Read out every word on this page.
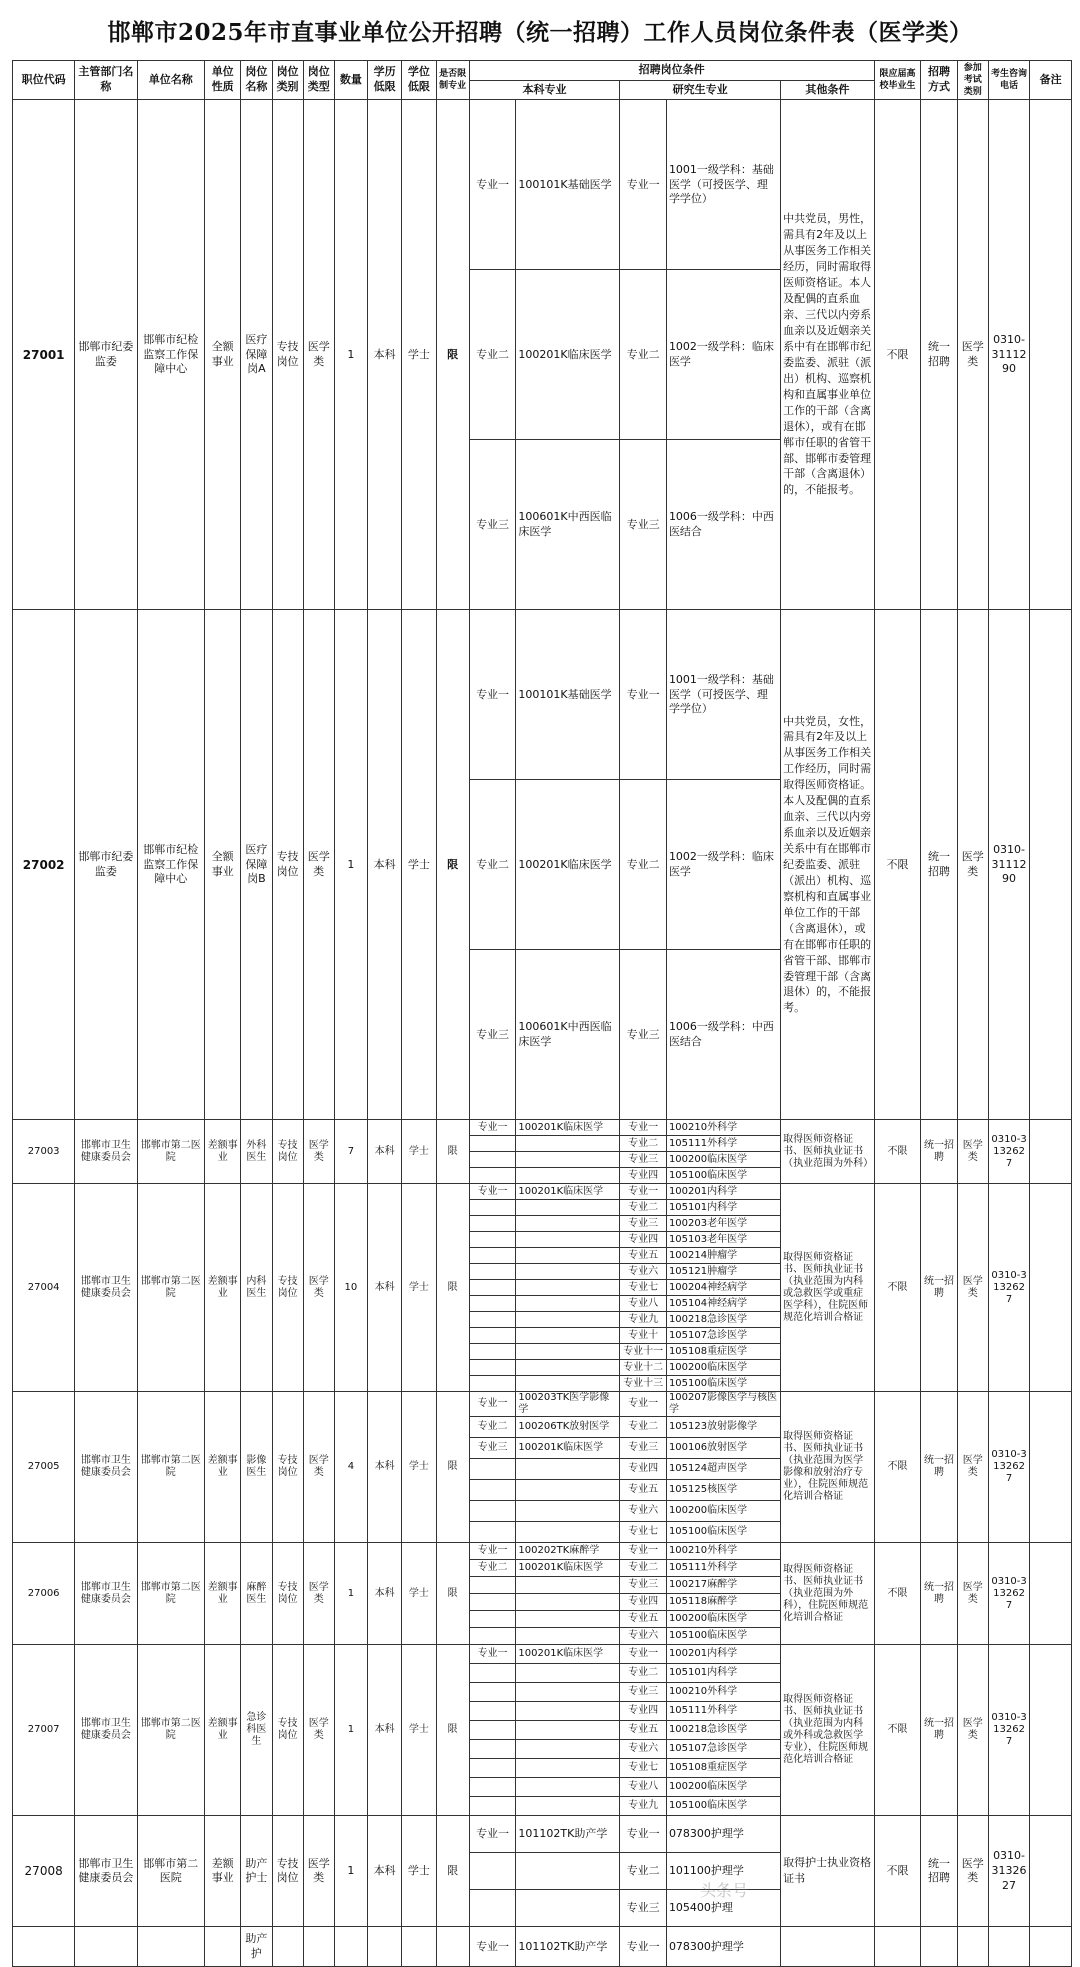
邯郸市2025年市直事业单位公开招聘（统一招聘）工作人员岗位条件表（医学类）
职位代码	主管部门名称	单位名称	单位性质	岗位名称	岗位类别	岗位类型	数量	学历低限	学位低限	是否限制专业	招聘岗位条件					限应届高校毕业生	招聘方式	参加考试类别	考生咨询电话	备注
											本科专业		研究生专业		其他条件					
27001	邯郸市纪委监委	邯郸市纪检监察工作保障中心	全额事业	医疗保障岗A	专技岗位	医学类	1	本科	学士	限	专业一	100101K基础医学	专业一	1001一级学科：基础医学（可授医学、理学学位）	中共党员，男性，需具有2年及以上从事医务工作相关经历，同时需取得医师资格证。本人及配偶的直系血亲、三代以内旁系血亲以及近姻亲关系中有在邯郸市纪委监委、派驻（派出）机构、巡察机构和直属事业单位工作的干部（含离退休），或有在邯郸市任职的省管干部、邯郸市委管理干部（含离退休）的，不能报考。	不限	统一招聘	医学类	0310-3111290	
											专业二	100201K临床医学	专业二	1002一级学科：临床医学						
											专业三	100601K中西医临床医学	专业三	1006一级学科：中西医结合						
27002	邯郸市纪委监委	邯郸市纪检监察工作保障中心	全额事业	医疗保障岗B	专技岗位	医学类	1	本科	学士	限	专业一	100101K基础医学	专业一	1001一级学科：基础医学（可授医学、理学学位）	中共党员，女性，需具有2年及以上从事医务工作相关工作经历，同时需取得医师资格证。本人及配偶的直系血亲、三代以内旁系血亲以及近姻亲关系中有在邯郸市纪委监委、派驻（派出）机构、巡察机构和直属事业单位工作的干部（含离退休），或有在邯郸市任职的省管干部、邯郸市委管理干部（含离退休）的，不能报考。	不限	统一招聘	医学类	0310-3111290	
											专业二	100201K临床医学	专业二	1002一级学科：临床医学						
											专业三	100601K中西医临床医学	专业三	1006一级学科：中西医结合						
27003	邯郸市卫生健康委员会	邯郸市第二医院	差额事业	外科医生	专技岗位	医学类	7	本科	学士	限	专业一	100201K临床医学	专业一	100210外科学	取得医师资格证书、医师执业证书（执业范围为外科）	不限	统一招聘	医学类	0310-3132627	
													专业二	105111外科学						
													专业三	100200临床医学						
													专业四	105100临床医学						
27004	邯郸市卫生健康委员会	邯郸市第二医院	差额事业	内科医生	专技岗位	医学类	10	本科	学士	限	专业一	100201K临床医学	专业一	100201内科学	取得医师资格证书、医师执业证书（执业范围为内科或急救医学或重症医学科），住院医师规范化培训合格证	不限	统一招聘	医学类	0310-3132627	
													专业二	105101内科学						
													专业三	100203老年医学						
													专业四	105103老年医学						
													专业五	100214肿瘤学						
													专业六	105121肿瘤学						
													专业七	100204神经病学						
													专业八	105104神经病学						
													专业九	100218急诊医学						
													专业十	105107急诊医学						
													专业十一	105108重症医学						
													专业十二	100200临床医学						
													专业十三	105100临床医学						
27005	邯郸市卫生健康委员会	邯郸市第二医院	差额事业	影像医生	专技岗位	医学类	4	本科	学士	限	专业一	100203TK医学影像学	专业一	100207影像医学与核医学	取得医师资格证书、医师执业证书（执业范围为医学影像和放射治疗专业），住院医师规范化培训合格证	不限	统一招聘	医学类	0310-3132627	
											专业二	100206TK放射医学	专业二	105123放射影像学						
											专业三	100201K临床医学	专业三	100106放射医学						
													专业四	105124超声医学						
													专业五	105125核医学						
													专业六	100200临床医学						
													专业七	105100临床医学						
27006	邯郸市卫生健康委员会	邯郸市第二医院	差额事业	麻醉医生	专技岗位	医学类	1	本科	学士	限	专业一	100202TK麻醉学	专业一	100210外科学	取得医师资格证书、医师执业证书（执业范围为外科），住院医师规范化培训合格证	不限	统一招聘	医学类	0310-3132627	
											专业二	100201K临床医学	专业二	105111外科学						
													专业三	100217麻醉学						
													专业四	105118麻醉学						
													专业五	100200临床医学						
													专业六	105100临床医学						
27007	邯郸市卫生健康委员会	邯郸市第二医院	差额事业	急诊科医生	专技岗位	医学类	1	本科	学士	限	专业一	100201K临床医学	专业一	100201内科学	取得医师资格证书、医师执业证书（执业范围为内科或外科或急救医学专业），住院医师规范化培训合格证	不限	统一招聘	医学类	0310-3132627	
													专业二	105101内科学						
													专业三	100210外科学						
													专业四	105111外科学						
													专业五	100218急诊医学						
													专业六	105107急诊医学						
													专业七	105108重症医学						
													专业八	100200临床医学						
													专业九	105100临床医学						
27008	邯郸市卫生健康委员会	邯郸市第二医院	差额事业	助产护士	专技岗位	医学类	1	本科	学士	限	专业一	101102TK助产学	专业一	078300护理学	取得护士执业资格证书	不限	统一招聘	医学类	0310-3132627	
													专业二	101100护理学						
													专业三	105400护理						
				助产护							专业一	101102TK助产学	专业一	078300护理学						
头条号
